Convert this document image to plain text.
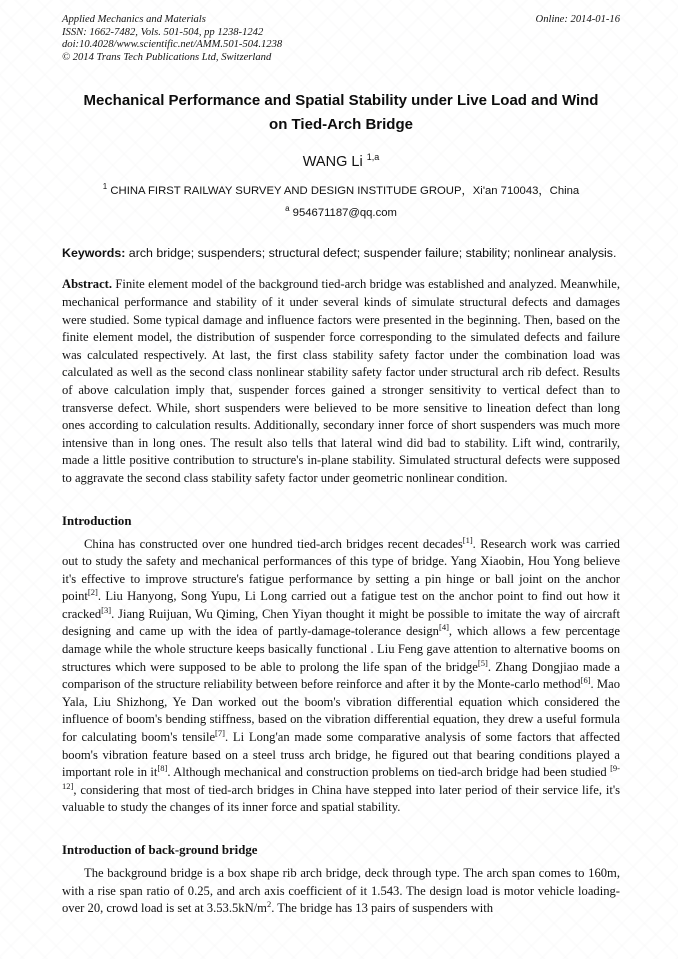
Applied Mechanics and Materials
ISSN: 1662-7482, Vols. 501-504, pp 1238-1242
doi:10.4028/www.scientific.net/AMM.501-504.1238
© 2014 Trans Tech Publications Ltd, Switzerland
Online: 2014-01-16
Mechanical Performance and Spatial Stability under Live Load and Wind
on Tied-Arch Bridge
WANG Li $^{1,a}$
$^1$ CHINA FIRST RAILWAY SURVEY AND DESIGN INSTITUDE GROUP，Xi'an 710043，China
$^a$ 954671187@qq.com

Keywords: arch bridge; suspenders; structural defect; suspender failure; stability; nonlinear analysis.

Abstract. Finite element model of the background tied-arch bridge was established and analyzed. Meanwhile, mechanical performance and stability of it under several kinds of simulate structural defects and damages were studied. Some typical damage and influence factors were presented in the beginning. Then, based on the finite element model, the distribution of suspender force corresponding to the simulated defects and failure was calculated respectively. At last, the first class stability safety factor under the combination load was calculated as well as the second class nonlinear stability safety factor under structural arch rib defect. Results of above calculation imply that, suspender forces gained a stronger sensitivity to vertical defect than to transverse defect. While, short suspenders were believed to be more sensitive to lineation defect than long ones according to calculation results. Additionally, secondary inner force of short suspenders was much more intensive than in long ones. The result also tells that lateral wind did bad to stability. Lift wind, contrarily, made a little positive contribution to structure's in-plane stability. Simulated structural defects were supposed to aggravate the second class stability safety factor under geometric nonlinear condition.

Introduction

China has constructed over one hundred tied-arch bridges recent decades[1]. Research work was carried out to study the safety and mechanical performances of this type of bridge. Yang Xiaobin, Hou Yong believe it's effective to improve structure's fatigue performance by setting a pin hinge or ball joint on the anchor point[2]. Liu Hanyong, Song Yupu, Li Long carried out a fatigue test on the anchor point to find out how it cracked[3]. Jiang Ruijuan, Wu Qiming, Chen Yiyan thought it might be possible to imitate the way of aircraft designing and came up with the idea of partly-damage-tolerance design[4], which allows a few percentage damage while the whole structure keeps basically functional . Liu Feng gave attention to alternative booms on structures which were supposed to be able to prolong the life span of the bridge[5]. Zhang Dongjiao made a comparison of the structure reliability between before reinforce and after it by the Monte-carlo method[6]. Mao Yala, Liu Shizhong, Ye Dan worked out the boom's vibration differential equation which considered the influence of boom's bending stiffness, based on the vibration differential equation, they drew a useful formula for calculating boom's tensile[7]. Li Long'an made some comparative analysis of some factors that affected boom's vibration feature based on a steel truss arch bridge, he figured out that bearing conditions played a important role in it[8]. Although mechanical and construction problems on tied-arch bridge had been studied [9-12], considering that most of tied-arch bridges in China have stepped into later period of their service life, it's valuable to study the changes of its inner force and spatial stability.

Introduction of back-ground bridge

The background bridge is a box shape rib arch bridge, deck through type. The arch span comes to 160m, with a rise span ratio of 0.25, and arch axis coefficient of it 1.543. The design load is motor vehicle loading-over 20, crowd load is set at $3.53.5kN/m^2$. The bridge has 13 pairs of suspenders with
